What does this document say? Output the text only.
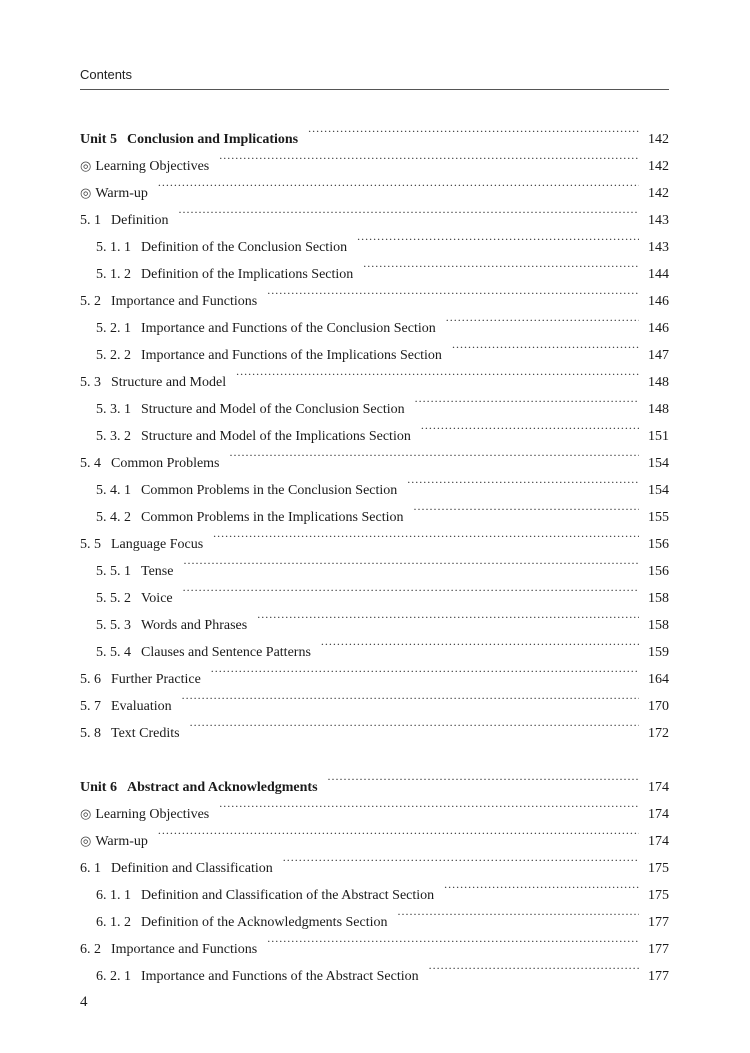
Contents
Unit 5 Conclusion and Implications . . .	142
◎ Learning Objectives . . .	142
◎ Warm-up . . .	142
5. 1 Definition . . .	143
5. 1. 1 Definition of the Conclusion Section . . .	143
5. 1. 2 Definition of the Implications Section . . .	144
5. 2 Importance and Functions . . .	146
5. 2. 1 Importance and Functions of the Conclusion Section . . .	146
5. 2. 2 Importance and Functions of the Implications Section . . .	147
5. 3 Structure and Model . . .	148
5. 3. 1 Structure and Model of the Conclusion Section . . .	148
5. 3. 2 Structure and Model of the Implications Section . . .	151
5. 4 Common Problems . . .	154
5. 4. 1 Common Problems in the Conclusion Section . . .	154
5. 4. 2 Common Problems in the Implications Section . . .	155
5. 5 Language Focus . . .	156
5. 5. 1 Tense . . .	156
5. 5. 2 Voice . . .	158
5. 5. 3 Words and Phrases . . .	158
5. 5. 4 Clauses and Sentence Patterns . . .	159
5. 6 Further Practice . . .	164
5. 7 Evaluation . . .	170
5. 8 Text Credits . . .	172
Unit 6 Abstract and Acknowledgments . . .	174
◎ Learning Objectives . . .	174
◎ Warm-up . . .	174
6. 1 Definition and Classification . . .	175
6. 1. 1 Definition and Classification of the Abstract Section . . .	175
6. 1. 2 Definition of the Acknowledgments Section . . .	177
6. 2 Importance and Functions . . .	177
6. 2. 1 Importance and Functions of the Abstract Section . . .	177
4
